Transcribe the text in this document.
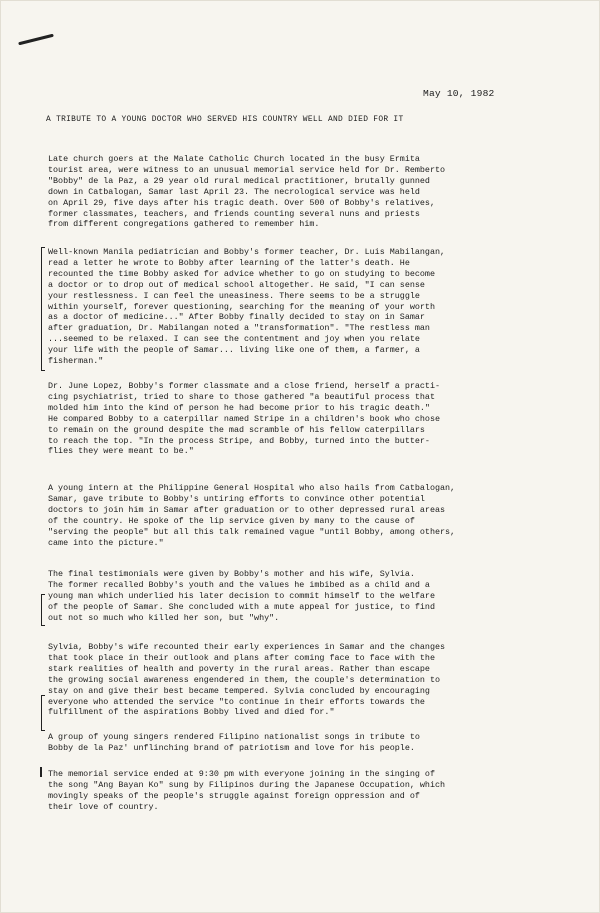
May 10, 1982
A TRIBUTE TO A YOUNG DOCTOR WHO SERVED HIS COUNTRY WELL AND DIED FOR IT
Late church goers at the Malate Catholic Church located in the busy Ermita
tourist area, were witness to an unusual memorial service held for Dr. Remberto
"Bobby" de la Paz, a 29 year old rural medical practitioner, brutally gunned
down in Catbalogan, Samar last April 23. The necrological service was held
on April 29, five days after his tragic death. Over 500 of Bobby's relatives,
former classmates, teachers, and friends counting several nuns and priests
from different congregations gathered to remember him.
Well-known Manila pediatrician and Bobby's former teacher, Dr. Luis Mabilangan,
read a letter he wrote to Bobby after learning of the latter's death. He
recounted the time Bobby asked for advice whether to go on studying to become
a doctor or to drop out of medical school altogether. He said, "I can sense
your restlessness. I can feel the uneasiness. There seems to be a struggle
within yourself, forever questioning, searching for the meaning of your worth
as a doctor of medicine..." After Bobby finally decided to stay on in Samar
after graduation, Dr. Mabilangan noted a "transformation". "The restless man
...seemed to be relaxed. I can see the contentment and joy when you relate
your life with the people of Samar... living like one of them, a farmer, a
fisherman."
Dr. June Lopez, Bobby's former classmate and a close friend, herself a practi-
cing psychiatrist, tried to share to those gathered "a beautiful process that
molded him into the kind of person he had become prior to his tragic death."
He compared Bobby to a caterpillar named Stripe in a children's book who chose
to remain on the ground despite the mad scramble of his fellow caterpillars
to reach the top. "In the process Stripe, and Bobby, turned into the butter-
flies they were meant to be."
A young intern at the Philippine General Hospital who also hails from Catbalogan,
Samar, gave tribute to Bobby's untiring efforts to convince other potential
doctors to join him in Samar after graduation or to other depressed rural areas
of the country. He spoke of the lip service given by many to the cause of
"serving the people" but all this talk remained vague "until Bobby, among others,
came into the picture."
The final testimonials were given by Bobby's mother and his wife, Sylvia.
The former recalled Bobby's youth and the values he imbibed as a child and a
young man which underlied his later decision to commit himself to the welfare
of the people of Samar. She concluded with a mute appeal for justice, to find
out not so much who killed her son, but "why".
Sylvia, Bobby's wife recounted their early experiences in Samar and the changes
that took place in their outlook and plans after coming face to face with the
stark realities of health and poverty in the rural areas. Rather than escape
the growing social awareness engendered in them, the couple's determination to
stay on and give their best became tempered. Sylvia concluded by encouraging
everyone who attended the service "to continue in their efforts towards the
fulfillment of the aspirations Bobby lived and died for."
A group of young singers rendered Filipino nationalist songs in tribute to
Bobby de la Paz' unflinching brand of patriotism and love for his people.
The memorial service ended at 9:30 pm with everyone joining in the singing of
the song "Ang Bayan Ko" sung by Filipinos during the Japanese Occupation, which
movingly speaks of the people's struggle against foreign oppression and of
their love of country.
